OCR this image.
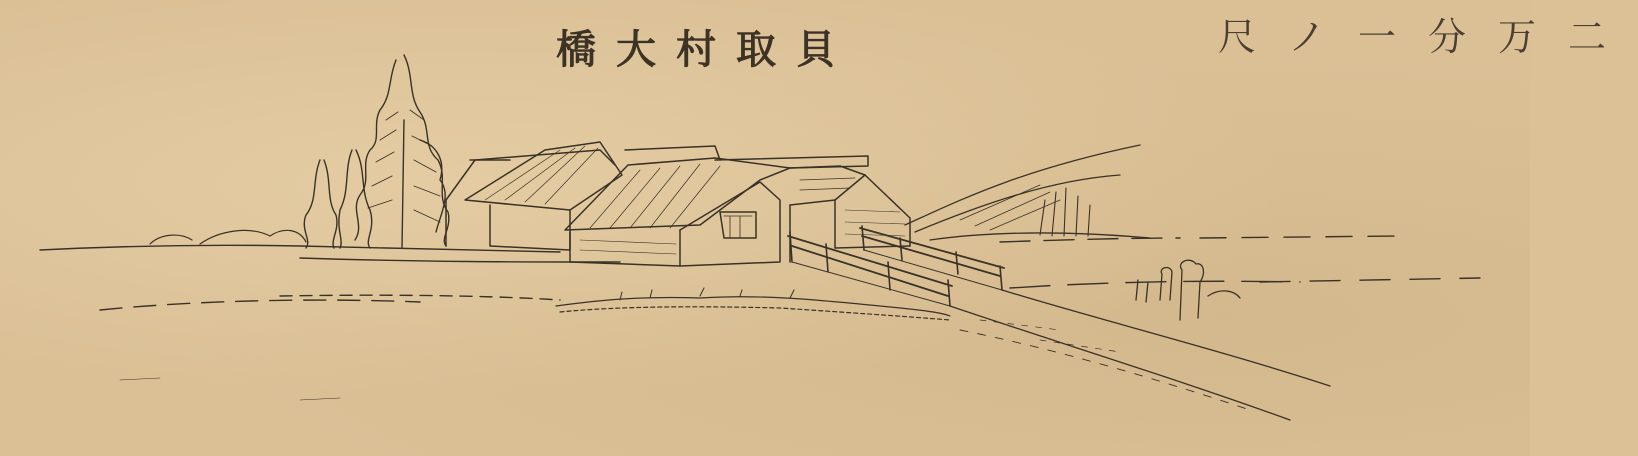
橋大村取貝	尺ノ一分万二
